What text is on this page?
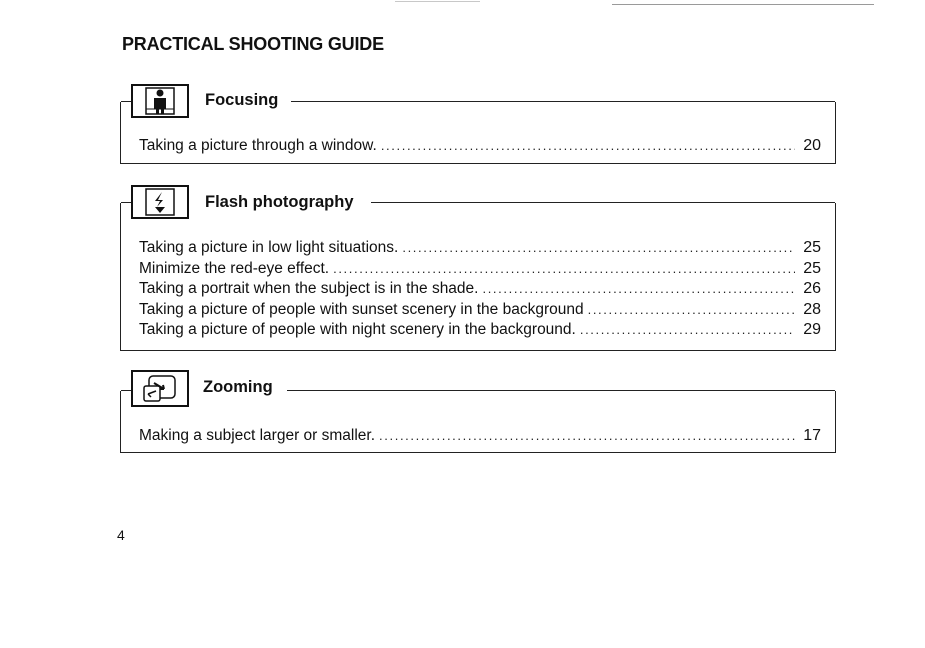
PRACTICAL SHOOTING GUIDE
Focusing
Taking a picture through a window. . . .	20
Flash photography
Taking a picture in low light situations. . . .	25
Minimize the red-eye effect. . . .	25
Taking a portrait when the subject is in the shade. . . .	26
Taking a picture of people with sunset scenery in the background . . .	28
Taking a picture of people with night scenery in the background. . . .	29
Zooming
Making a subject larger or smaller. . . .	17
4
